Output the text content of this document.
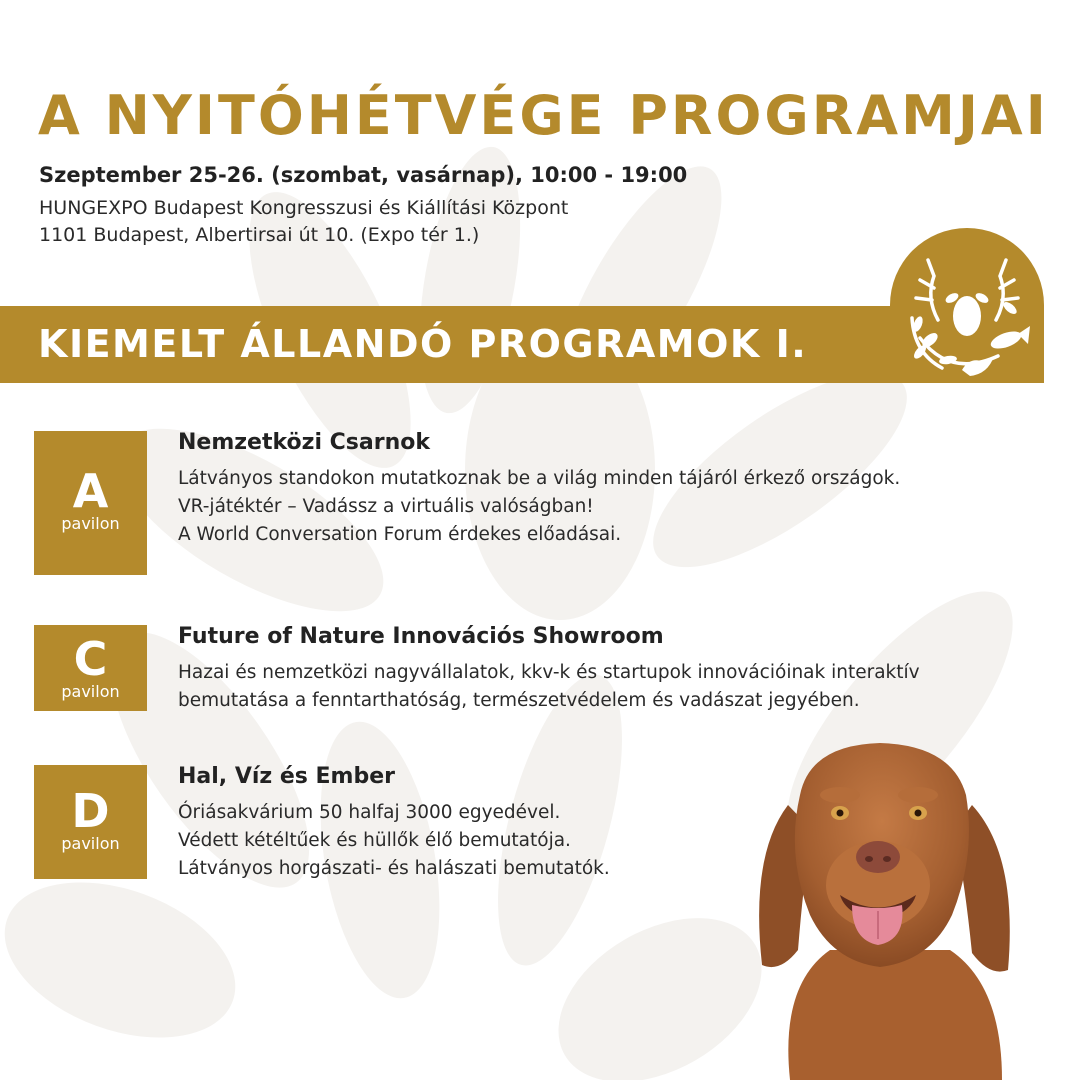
A NYITÓHÉTVÉGE PROGRAMJAI
Szeptember 25-26. (szombat, vasárnap), 10:00 - 19:00
HUNGEXPO Budapest Kongresszusi és Kiállítási Központ
1101 Budapest, Albertirsai út 10. (Expo tér 1.)
KIEMELT ÁLLANDÓ PROGRAMOK I.
A
pavilon
Nemzetközi Csarnok
Látványos standokon mutatkoznak be a világ minden tájáról érkező országok.
VR-játéktér – Vadássz a virtuális valóságban!
A World Conversation Forum érdekes előadásai.
C
pavilon
Future of Nature Innovációs Showroom
Hazai és nemzetközi nagyvállalatok, kkv-k és startupok innovációinak interaktív
bemutatása a fenntarthatóság, természetvédelem és vadászat jegyében.
D
pavilon
Hal, Víz és Ember
Óriásakvárium 50 halfaj 3000 egyedével.
Védett kétéltűek és hüllők élő bemutatója.
Látványos horgászati- és halászati bemutatók.
